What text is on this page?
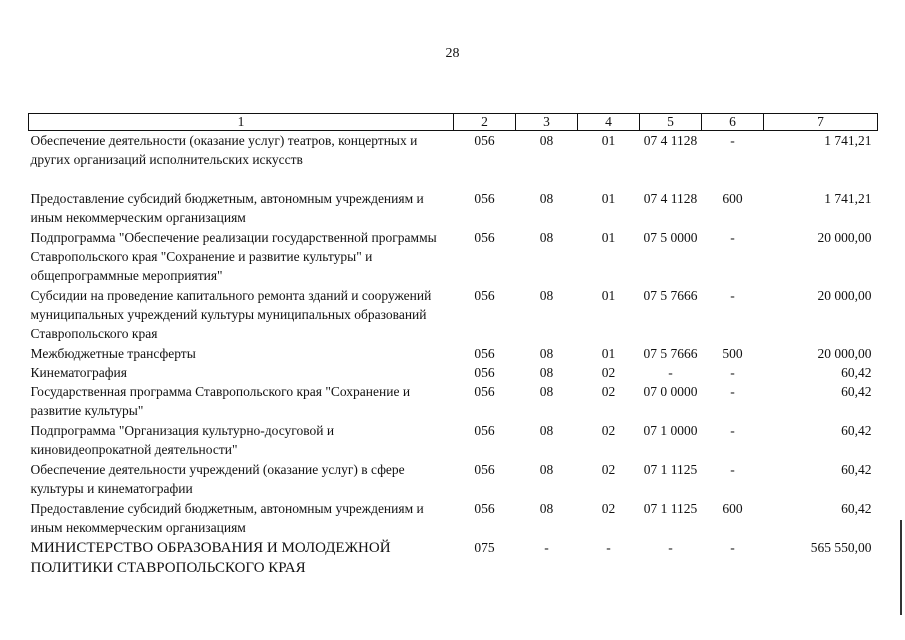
28
1	2	3	4	5	6	7
Обеспечение деятельности (оказание услуг) театров, концертных и других организаций исполнительских искусств	056	08	01	07 4 1128	-	1 741,21
Предоставление субсидий бюджетным, автономным учреждениям и иным некоммерческим организациям	056	08	01	07 4 1128	600	1 741,21
Подпрограмма "Обеспечение реализации государственной программы Ставропольского края "Сохранение и развитие культуры" и общепрограммные мероприятия"	056	08	01	07 5 0000	-	20 000,00
Субсидии на проведение капитального ремонта зданий и сооружений муниципальных учреждений культуры муниципальных образований Ставропольского края	056	08	01	07 5 7666	-	20 000,00
Межбюджетные трансферты	056	08	01	07 5 7666	500	20 000,00
Кинематография	056	08	02	-	-	60,42
Государственная программа Ставропольского края "Сохранение и развитие культуры"	056	08	02	07 0 0000	-	60,42
Подпрограмма "Организация культурно-досуговой и киновидеопрокатной деятельности"	056	08	02	07 1 0000	-	60,42
Обеспечение деятельности учреждений (оказание услуг) в сфере культуры и кинематографии	056	08	02	07 1 1125	-	60,42
Предоставление субсидий бюджетным, автономным учреждениям и иным некоммерческим организациям	056	08	02	07 1 1125	600	60,42
МИНИСТЕРСТВО ОБРАЗОВАНИЯ И МОЛОДЕЖНОЙ ПОЛИТИКИ СТАВРОПОЛЬСКОГО КРАЯ	075	-	-	-	-	565 550,00
